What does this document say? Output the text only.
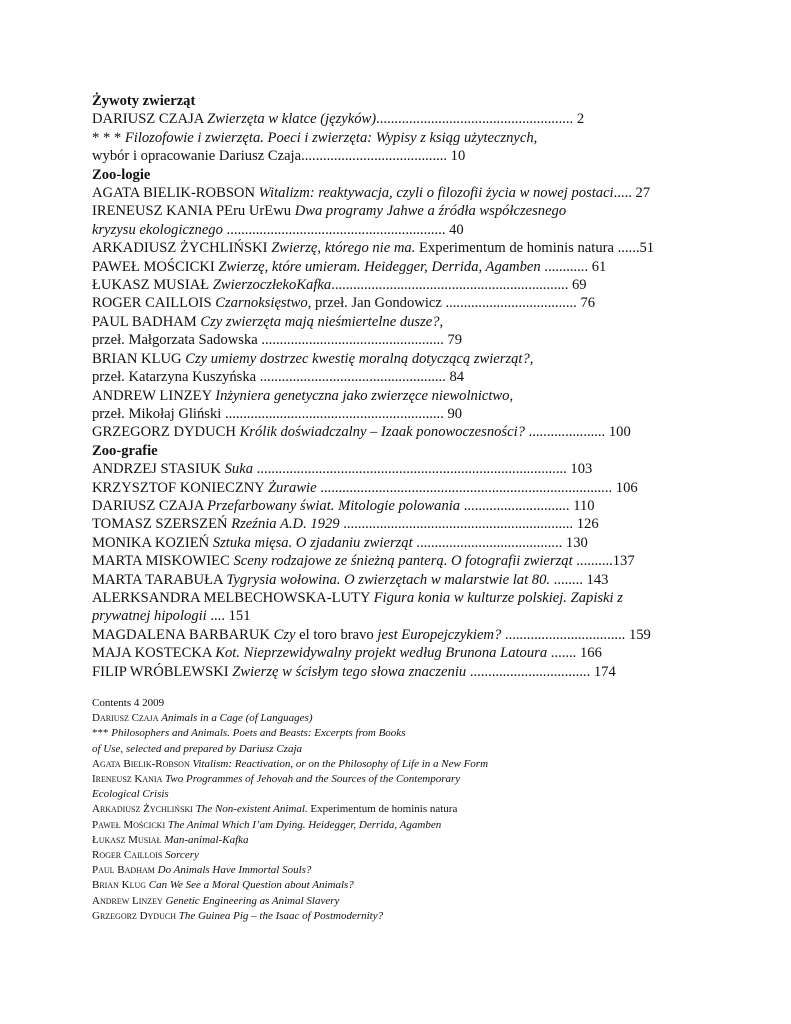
Żywoty zwierząt
DARIUSZ CZAJA Zwierzęta w klatce (języków)...................................................... 2
* * * Filozofowie i zwierzęta. Poeci i zwierzęta: Wypisy z ksiąg użytecznych,
wybór i opracowanie Dariusz Czaja........................................ 10
Zoo-logie
AGATA BIELIK-ROBSON Witalizm: reaktywacja, czyli o filozofii życia w nowej postaci..... 27
IRENEUSZ KANIA PEru UrEwu Dwa programy Jahwe a źródła współczesnego
kryzysu ekologicznego ............................................................ 40
ARKADIUSZ ŻYCHLIŃSKI Zwierzę, którego nie ma. Experimentum de hominis natura ......51
PAWEŁ MOŚCICKI Zwierzę, które umieram. Heidegger, Derrida, Agamben ............ 61
ŁUKASZ MUSIAŁ ZwierzoczłekoKafka................................................................. 69
ROGER CAILLOIS Czarnoksięstwo, przeł. Jan Gondowicz .................................... 76
PAUL BADHAM Czy zwierzęta mają nieśmiertelne dusze?,
przeł. Małgorzata Sadowska .................................................. 79
BRIAN KLUG Czy umiemy dostrzec kwestię moralną dotyczącą zwierząt?,
przeł. Katarzyna Kuszyńska ................................................... 84
ANDREW LINZEY Inżyniera genetyczna jako zwierzęce niewolnictwo,
przeł. Mikołaj Gliński ............................................................ 90
GRZEGORZ DYDUCH Królik doświadczalny – Izaak ponowoczesności? ..................... 100
Zoo-grafie
ANDRZEJ STASIUK Suka ..................................................................................... 103
KRZYSZTOF KONIECZNY Żurawie ................................................................................ 106
DARIUSZ CZAJA Przefarbowany świat. Mitologie polowania ............................. 110
TOMASZ SZERSZEŃ Rzeźnia A.D. 1929 ............................................................... 126
MONIKA KOZIEŃ Sztuka mięsa. O zjadaniu zwierząt ........................................ 130
MARTA MISKOWIEC Sceny rodzajowe ze śnieżną panterą. O fotografii zwierząt ..........137
MARTA TARABUŁA Tygrysia wołowina. O zwierzętach w malarstwie lat 80. ........ 143
ALERKSANDRA MELBECHOWSKA-LUTY Figura konia w kulturze polskiej. Zapiski z
prywatnej hipologii .... 151
MAGDALENA BARBARUK Czy el toro bravo jest Europejczykiem? ................................. 159
MAJA KOSTECKA Kot. Nieprzewidywalny projekt według Brunona Latoura ....... 166
FILIP WRÓBLEWSKI Zwierzę w ścisłym tego słowa znaczeniu ................................. 174
Contents 4 2009
Dariusz Czaja Animals in a Cage (of Languages)
*** Philosophers and Animals. Poets and Beasts: Excerpts from Books
of Use, selected and prepared by Dariusz Czaja
Agata Bielik-Robson Vitalism: Reactivation, or on the Philosophy of Life in a New Form
Ireneusz Kania Two Programmes of Jehovah and the Sources of the Contemporary
Ecological Crisis
Arkadiusz Żychliński The Non-existent Animal. Experimentum de hominis natura
Paweł Mościcki The Animal Which I’am Dying. Heidegger, Derrida, Agamben
Łukasz Musiał Man-animal-Kafka
Roger Caillois Sorcery
Paul Badham Do Animals Have Immortal Souls?
Brian Klug Can We See a Moral Question about Animals?
Andrew Linzey Genetic Engineering as Animal Slavery
Grzegorz Dyduch The Guinea Pig – the Isaac of Postmodernity?
